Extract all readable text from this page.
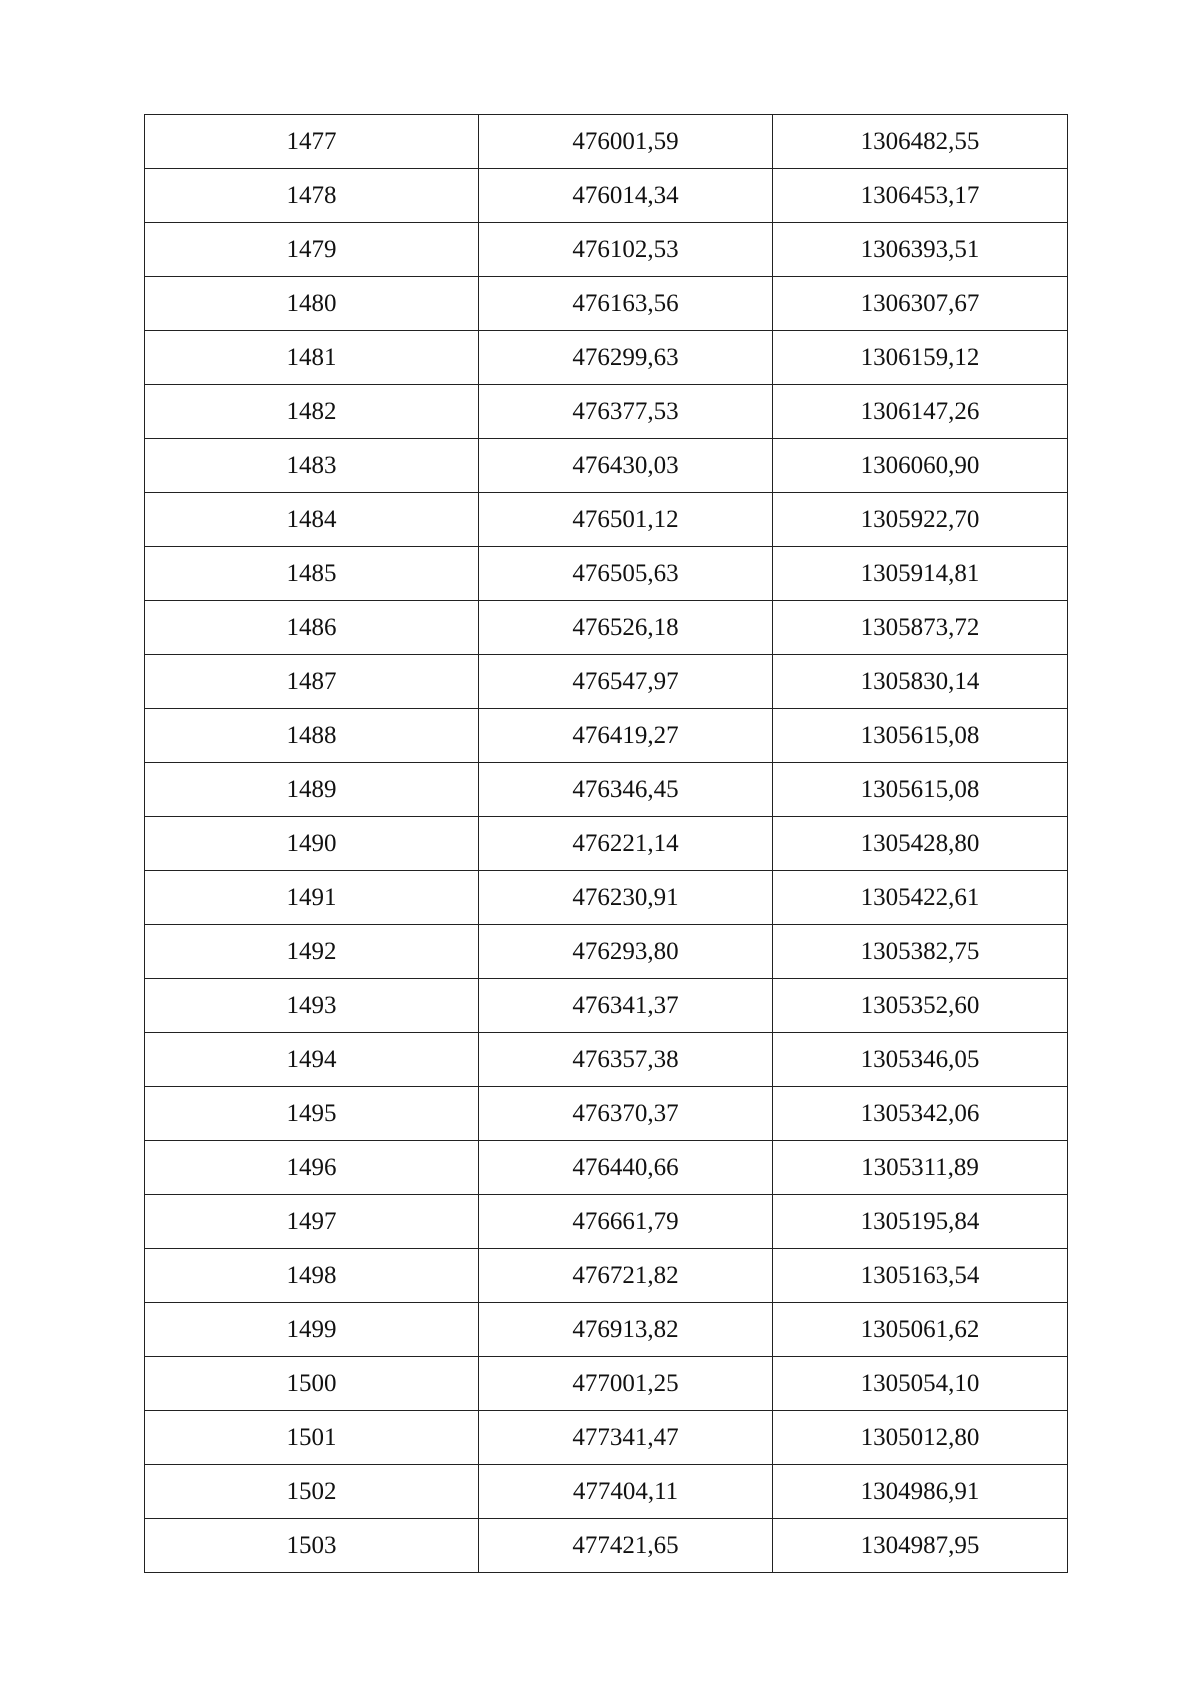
1477	476001,59	1306482,55
1478	476014,34	1306453,17
1479	476102,53	1306393,51
1480	476163,56	1306307,67
1481	476299,63	1306159,12
1482	476377,53	1306147,26
1483	476430,03	1306060,90
1484	476501,12	1305922,70
1485	476505,63	1305914,81
1486	476526,18	1305873,72
1487	476547,97	1305830,14
1488	476419,27	1305615,08
1489	476346,45	1305615,08
1490	476221,14	1305428,80
1491	476230,91	1305422,61
1492	476293,80	1305382,75
1493	476341,37	1305352,60
1494	476357,38	1305346,05
1495	476370,37	1305342,06
1496	476440,66	1305311,89
1497	476661,79	1305195,84
1498	476721,82	1305163,54
1499	476913,82	1305061,62
1500	477001,25	1305054,10
1501	477341,47	1305012,80
1502	477404,11	1304986,91
1503	477421,65	1304987,95
